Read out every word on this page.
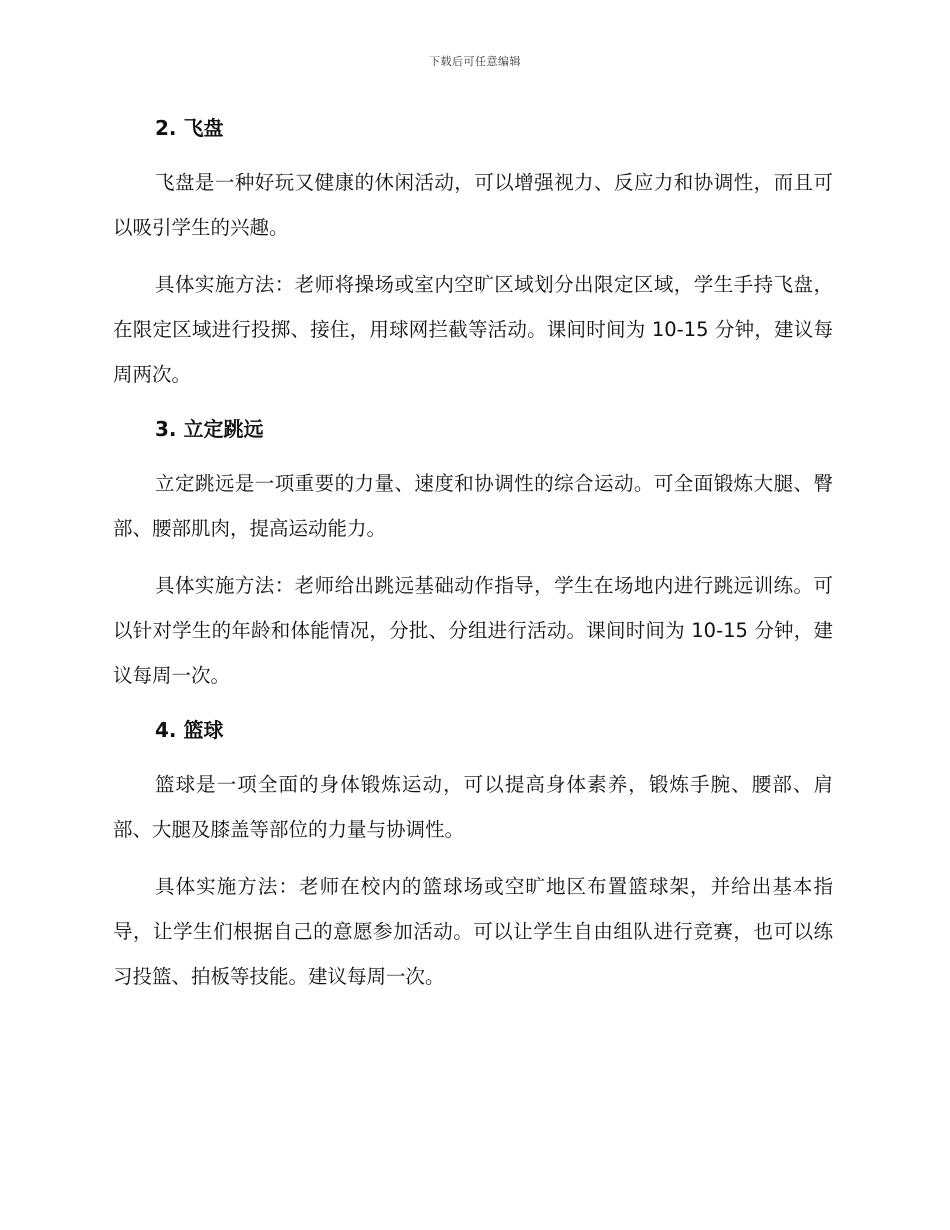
下载后可任意编辑
2. 飞盘

飞盘是一种好玩又健康的休闲活动，可以增强视力、反应力和协调性，而且可以吸引学生的兴趣。

具体实施方法：老师将操场或室内空旷区域划分出限定区域，学生手持飞盘，在限定区域进行投掷、接住，用球网拦截等活动。课间时间为 10-15 分钟，建议每周两次。

3. 立定跳远

立定跳远是一项重要的力量、速度和协调性的综合运动。可全面锻炼大腿、臀部、腰部肌肉，提高运动能力。

具体实施方法：老师给出跳远基础动作指导，学生在场地内进行跳远训练。可以针对学生的年龄和体能情况，分批、分组进行活动。课间时间为 10-15 分钟，建议每周一次。

4. 篮球

篮球是一项全面的身体锻炼运动，可以提高身体素养，锻炼手腕、腰部、肩部、大腿及膝盖等部位的力量与协调性。

具体实施方法：老师在校内的篮球场或空旷地区布置篮球架，并给出基本指导，让学生们根据自己的意愿参加活动。可以让学生自由组队进行竞赛，也可以练习投篮、拍板等技能。建议每周一次。
